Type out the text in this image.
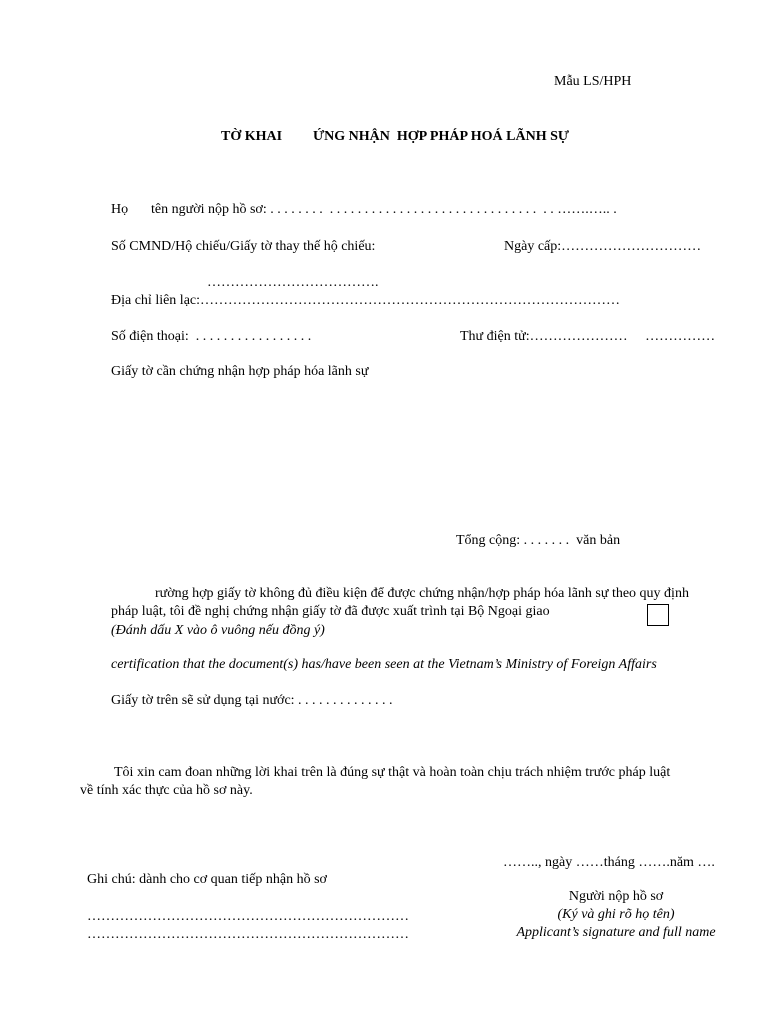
Mẫu LS/HPH
TỜ KHAI ỨNG NHẬN  HỢP PHÁP HOÁ LÃNH SỰ
Họ tên người nộp hồ sơ: . . . . . . . .  . . . . . . . . . . . . . . . . . . . . . . . . . . . . . .  . . …….….. .
Số CMND/Hộ chiếu/Giấy tờ thay thế hộ chiếu:	Ngày cấp:…………………………
……………………………….
Địa chỉ liên lạc:………………………………………………………………………………
Số điện thoại:  . . . . . . . . . . . . . . . . .	Thư điện tử:…………………     ……………
Giấy tờ cần chứng nhận hợp pháp hóa lãnh sự
Tổng cộng: . . . . . . .  văn bản
rường hợp giấy tờ không đủ điều kiện để được chứng nhận/hợp pháp hóa lãnh sự theo quy định
pháp luật, tôi đề nghị chứng nhận giấy tờ đã được xuất trình tại Bộ Ngoại giao
(Đánh dấu X vào ô vuông nếu đồng ý)
certification that the document(s) has/have been seen at the Vietnam’s Ministry of Foreign Affairs
Giấy tờ trên sẽ sử dụng tại nước: . . . . . . . . . . . . . .
Tôi xin cam đoan những lời khai trên là đúng sự thật và hoàn toàn chịu trách nhiệm trước pháp luật
về tính xác thực của hồ sơ này.
…….., ngày ……tháng …….năm ….
Ghi chú: dành cho cơ quan tiếp nhận hồ sơ
……………………………………………………………
……………………………………………………………
Người nộp hồ sơ
(Ký và ghi rõ họ tên)
Applicant’s signature and full name
